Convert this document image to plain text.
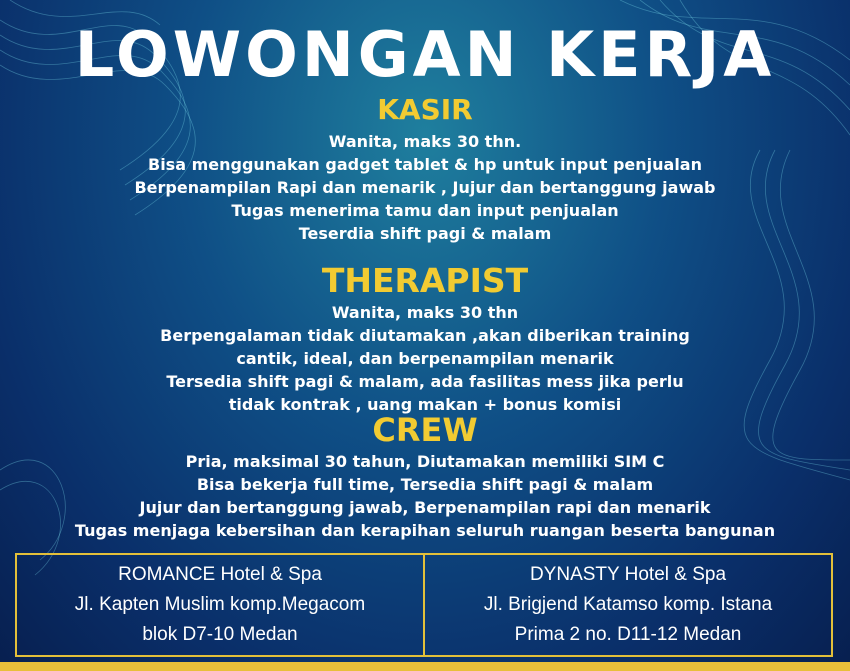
LOWONGAN KERJA
KASIR
Wanita, maks 30 thn.
Bisa menggunakan gadget tablet & hp untuk input penjualan
Berpenampilan Rapi dan menarik , Jujur dan bertanggung jawab
Tugas menerima tamu dan input penjualan
Teserdia shift pagi & malam
THERAPIST
Wanita, maks 30 thn
Berpengalaman tidak diutamakan ,akan diberikan training
cantik, ideal, dan berpenampilan menarik
Tersedia shift pagi & malam, ada fasilitas mess jika perlu
tidak kontrak , uang makan + bonus komisi
CREW
Pria, maksimal 30 tahun, Diutamakan memiliki SIM C
Bisa bekerja full time, Tersedia shift pagi & malam
Jujur dan bertanggung jawab, Berpenampilan rapi dan menarik
Tugas menjaga kebersihan dan kerapihan seluruh ruangan beserta bangunan
ROMANCE Hotel & Spa
Jl. Kapten Muslim komp.Megacom
blok D7-10 Medan
DYNASTY Hotel & Spa
Jl. Brigjend Katamso komp. Istana
Prima 2 no. D11-12 Medan
